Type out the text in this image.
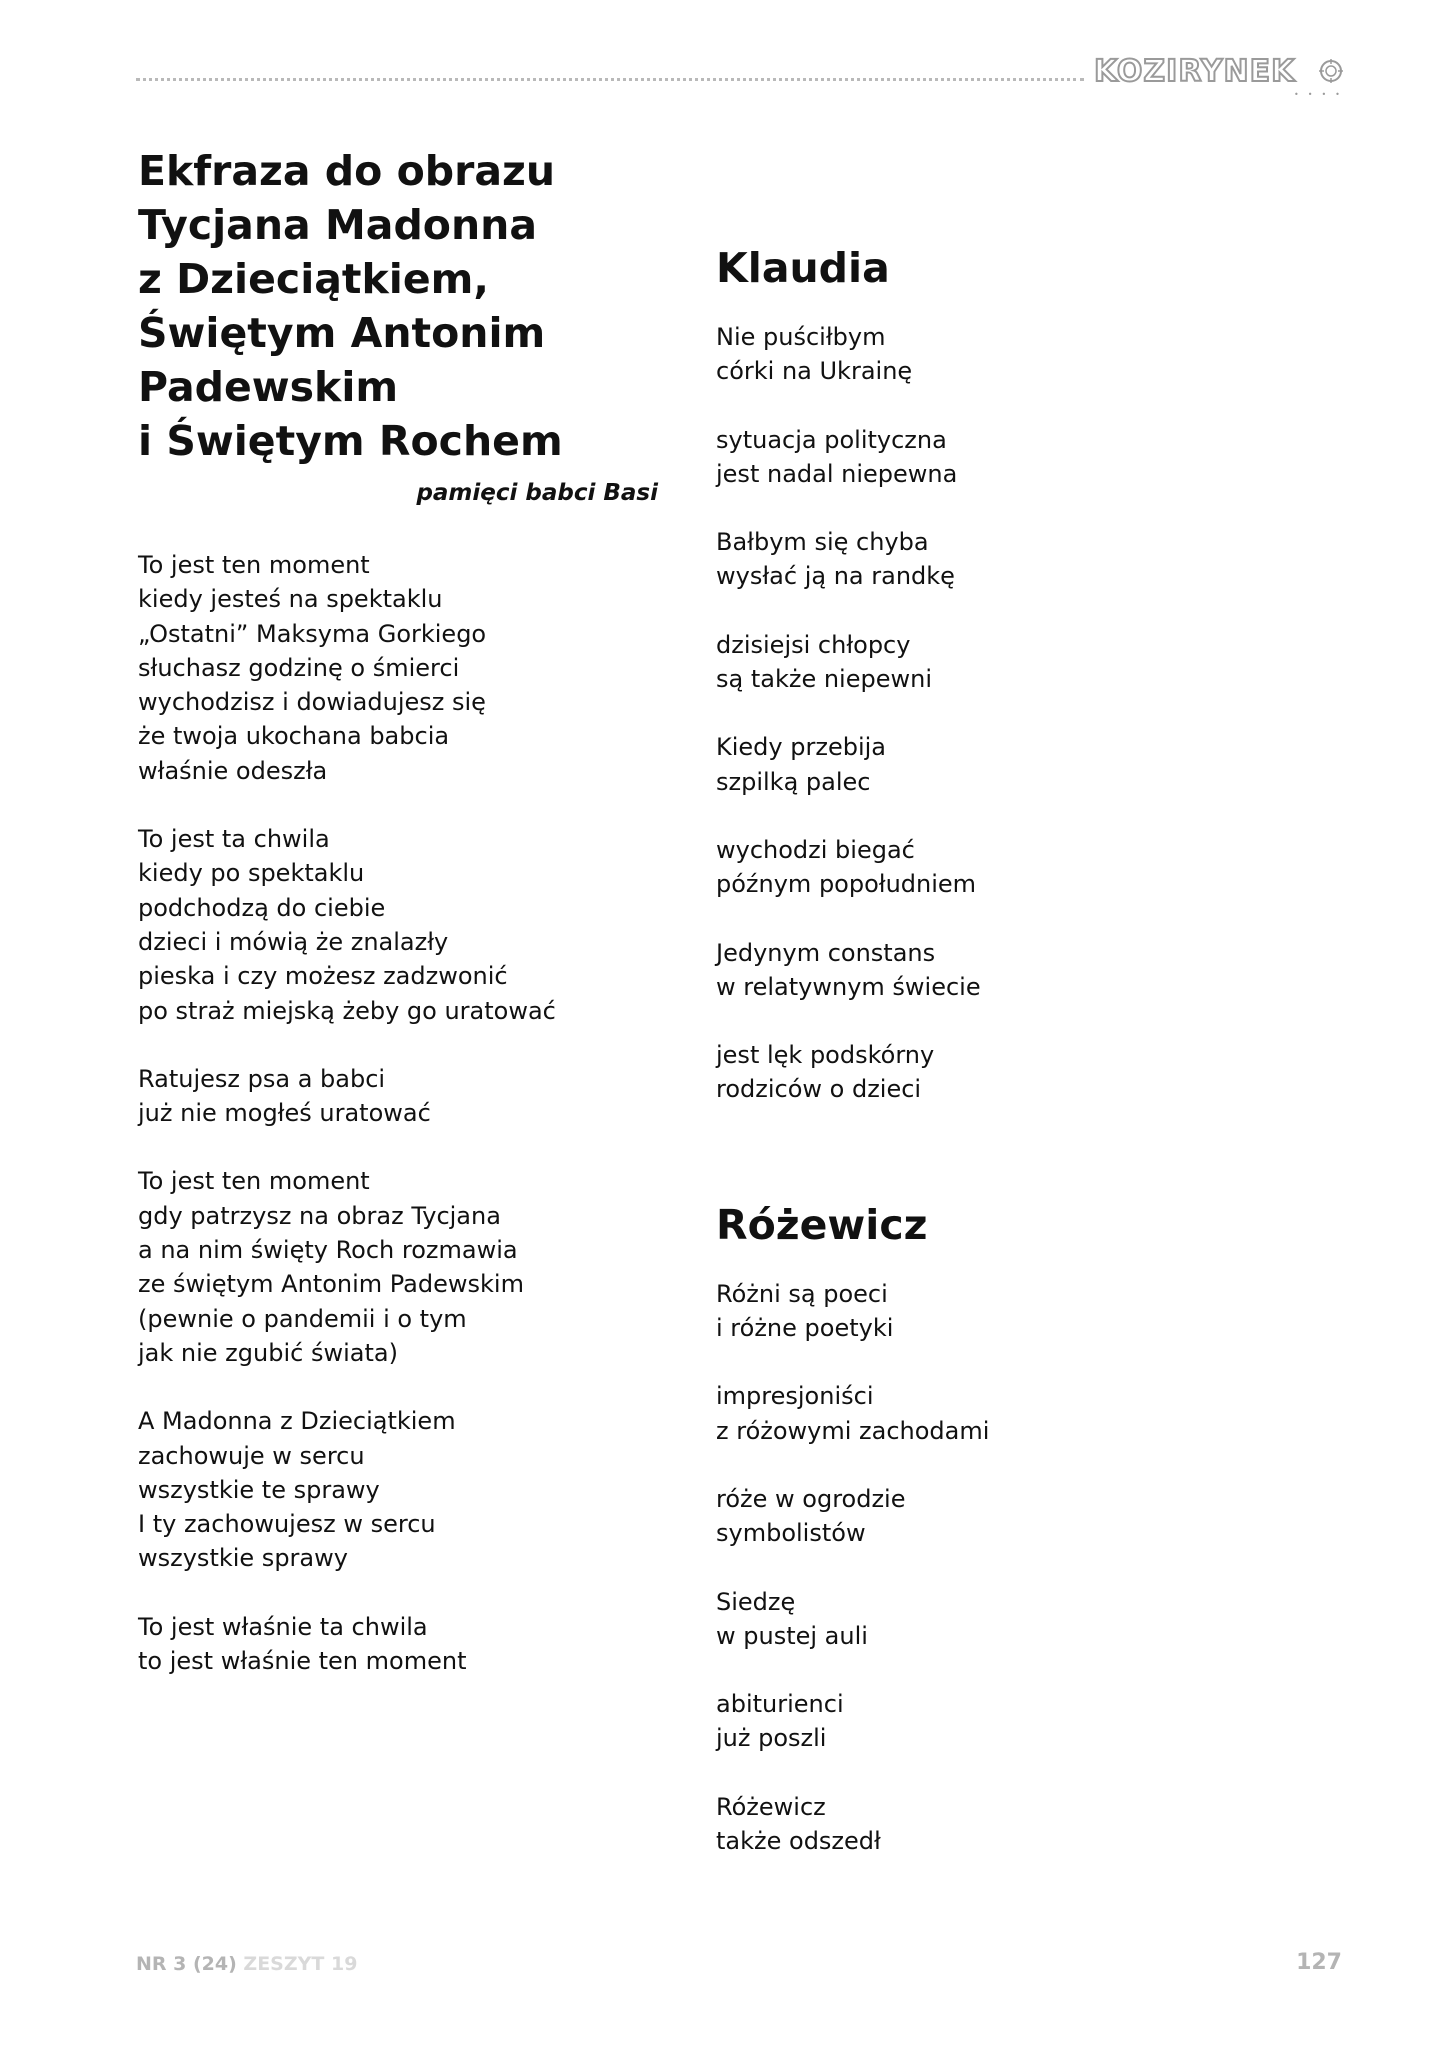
KOZIRYNEK
••••
Ekfraza do obrazu
Tycjana Madonna
z Dzieciątkiem,
Świętym Antonim
Padewskim
i Świętym Rochem
pamięci babci Basi
To jest ten moment
kiedy jesteś na spektaklu
„Ostatni” Maksyma Gorkiego
słuchasz godzinę o śmierci
wychodzisz i dowiadujesz się
że twoja ukochana babcia
właśnie odeszła
To jest ta chwila
kiedy po spektaklu
podchodzą do ciebie
dzieci i mówią że znalazły
pieska i czy możesz zadzwonić
po straż miejską żeby go uratować
Ratujesz psa a babci
już nie mogłeś uratować
To jest ten moment
gdy patrzysz na obraz Tycjana
a na nim święty Roch rozmawia
ze świętym Antonim Padewskim
(pewnie o pandemii i o tym
jak nie zgubić świata)
A Madonna z Dzieciątkiem
zachowuje w sercu
wszystkie te sprawy
I ty zachowujesz w sercu
wszystkie sprawy
To jest właśnie ta chwila
to jest właśnie ten moment
Klaudia
Nie puściłbym
córki na Ukrainę
sytuacja polityczna
jest nadal niepewna
Bałbym się chyba
wysłać ją na randkę
dzisiejsi chłopcy
są także niepewni
Kiedy przebija
szpilką palec
wychodzi biegać
późnym popołudniem
Jedynym constans
w relatywnym świecie
jest lęk podskórny
rodziców o dzieci
Różewicz
Różni są poeci
i różne poetyki
impresjoniści
z różowymi zachodami
róże w ogrodzie
symbolistów
Siedzę
w pustej auli
abiturienci
już poszli
Różewicz
także odszedł
NR 3 (24) ZESZYT 19	127
